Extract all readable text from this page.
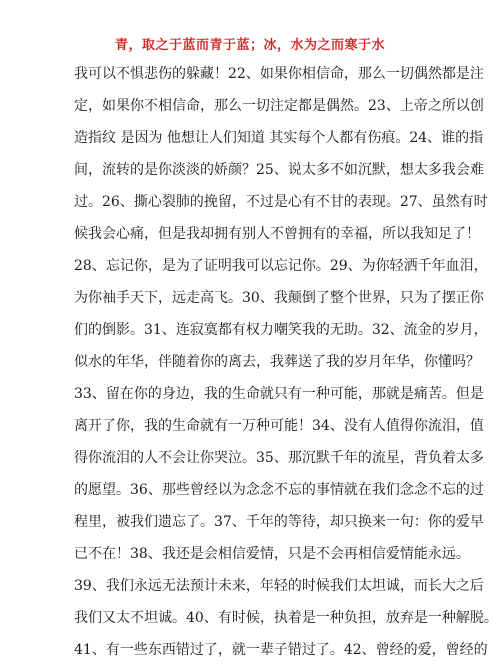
青，取之于蓝而青于蓝；冰，水为之而寒于水
我可以不惧悲伤的躲藏！22、如果你相信命，那么一切偶然都是注
定，如果你不相信命，那么一切注定都是偶然。23、上帝之所以创
造指纹 是因为 他想让人们知道 其实每个人都有伤痕。24、谁的指
间，流转的是你淡淡的娇颜？25、说太多不如沉默，想太多我会难
过。26、撕心裂肺的挽留，不过是心有不甘的表现。27、虽然有时
候我会心痛，但是我却拥有别人不曾拥有的幸福，所以我知足了！
28、忘记你，是为了证明我可以忘记你。29、为你轻洒千年血泪，
为你袖手天下，远走高飞。30、我颠倒了整个世界，只为了摆正你
们的倒影。31、连寂寞都有权力嘲笑我的无助。32、流金的岁月，
似水的年华，伴随着你的离去，我葬送了我的岁月年华，你懂吗？
33、留在你的身边，我的生命就只有一种可能，那就是痛苦。但是
离开了你，我的生命就有一万种可能！34、没有人值得你流泪，值
得你流泪的人不会让你哭泣。35、那沉默千年的流星，背负着太多
的愿望。36、那些曾经以为念念不忘的事情就在我们念念不忘的过
程里，被我们遗忘了。37、千年的等待，却只换来一句：你的爱早
已不在！38、我还是会相信爱情，只是不会再相信爱情能永远。
39、我们永远无法预计未来，年轻的时候我们太坦诚，而长大之后
我们又太不坦诚。40、有时候，执着是一种负担，放弃是一种解脱。
41、有一些东西错过了，就一辈子错过了。42、曾经的爱，曾经的
